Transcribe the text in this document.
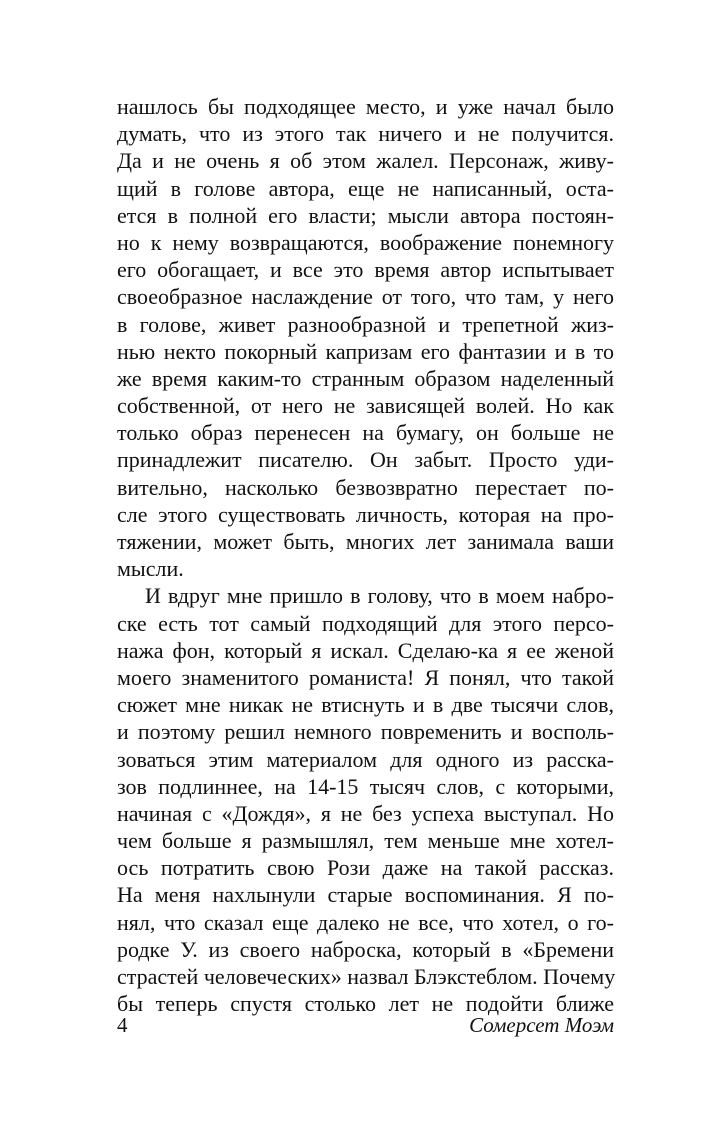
нашлось бы подходящее место, и уже начал было
думать, что из этого так ничего и не получится.
Да и не очень я об этом жалел. Персонаж, живу-
щий в голове автора, еще не написанный, оста-
ется в полной его власти; мысли автора постоян-
но к нему возвращаются, воображение понемногу
его обогащает, и все это время автор испытывает
своеобразное наслаждение от того, что там, у него
в голове, живет разнообразной и трепетной жиз-
нью некто покорный капризам его фантазии и в то
же время каким-то странным образом наделенный
собственной, от него не зависящей волей. Но как
только образ перенесен на бумагу, он больше не
принадлежит писателю. Он забыт. Просто уди-
вительно, насколько безвозвратно перестает по-
сле этого существовать личность, которая на про-
тяжении, может быть, многих лет занимала ваши
мысли.
И вдруг мне пришло в голову, что в моем набро-
ске есть тот самый подходящий для этого персо-
нажа фон, который я искал. Сделаю-ка я ее женой
моего знаменитого романиста! Я понял, что такой
сюжет мне никак не втиснуть и в две тысячи слов,
и поэтому решил немного повременить и восполь-
зоваться этим материалом для одного из расска-
зов подлиннее, на 14-15 тысяч слов, с которыми,
начиная с «Дождя», я не без успеха выступал. Но
чем больше я размышлял, тем меньше мне хотел-
ось потратить свою Рози даже на такой рассказ.
На меня нахлынули старые воспоминания. Я по-
нял, что сказал еще далеко не все, что хотел, о го-
родке У. из своего наброска, который в «Бремени
страстей человеческих» назвал Блэкстеблом. Почему
бы теперь спустя столько лет не подойти ближе
4	Сомерсет Моэм
